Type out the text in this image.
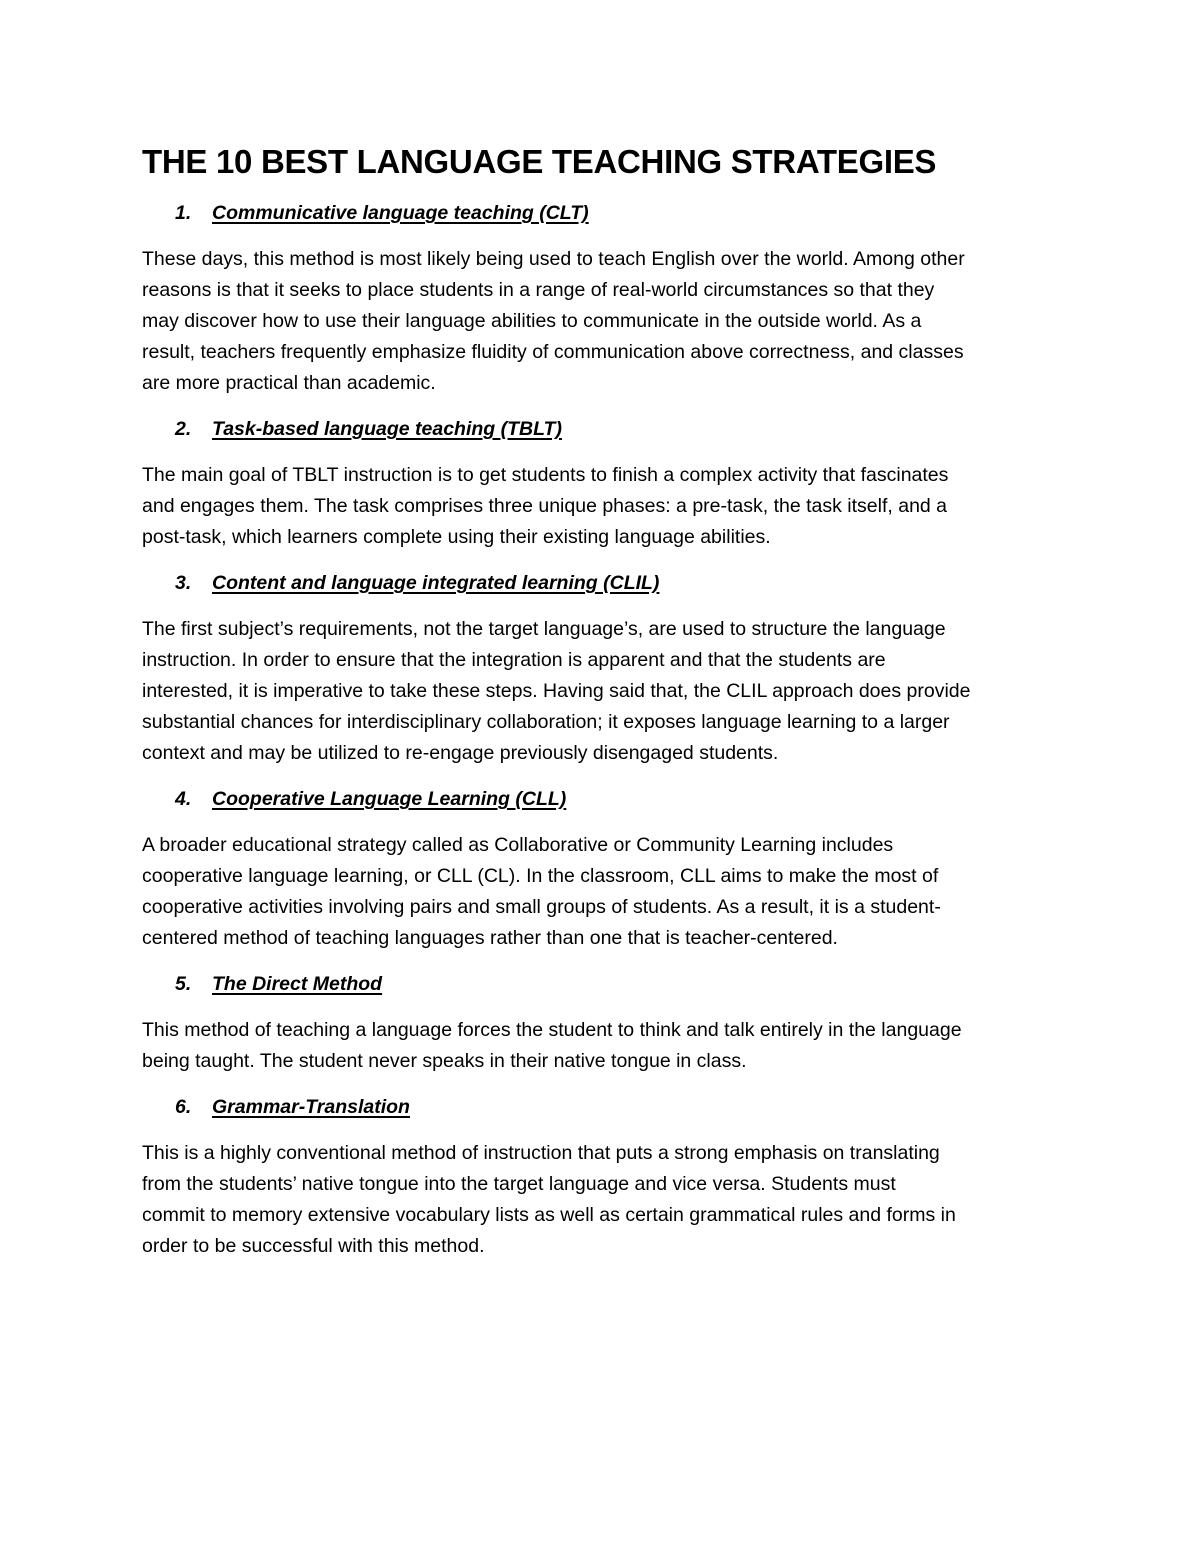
THE 10 BEST LANGUAGE TEACHING STRATEGIES
1.	Communicative language teaching (CLT)

These days, this method is most likely being used to teach English over the world. Among other
reasons is that it seeks to place students in a range of real-world circumstances so that they
may discover how to use their language abilities to communicate in the outside world. As a
result, teachers frequently emphasize fluidity of communication above correctness, and classes
are more practical than academic.

2.	Task-based language teaching (TBLT)

The main goal of TBLT instruction is to get students to finish a complex activity that fascinates
and engages them. The task comprises three unique phases: a pre-task, the task itself, and a
post-task, which learners complete using their existing language abilities.

3.	Content and language integrated learning (CLIL)

The first subject’s requirements, not the target language’s, are used to structure the language
instruction. In order to ensure that the integration is apparent and that the students are
interested, it is imperative to take these steps. Having said that, the CLIL approach does provide
substantial chances for interdisciplinary collaboration; it exposes language learning to a larger
context and may be utilized to re-engage previously disengaged students.

4.	Cooperative Language Learning (CLL)

A broader educational strategy called as Collaborative or Community Learning includes
cooperative language learning, or CLL (CL). In the classroom, CLL aims to make the most of
cooperative activities involving pairs and small groups of students. As a result, it is a student-
centered method of teaching languages rather than one that is teacher-centered.

5.	The Direct Method

This method of teaching a language forces the student to think and talk entirely in the language
being taught. The student never speaks in their native tongue in class.

6.	Grammar-Translation

This is a highly conventional method of instruction that puts a strong emphasis on translating
from the students’ native tongue into the target language and vice versa. Students must
commit to memory extensive vocabulary lists as well as certain grammatical rules and forms in
order to be successful with this method.
